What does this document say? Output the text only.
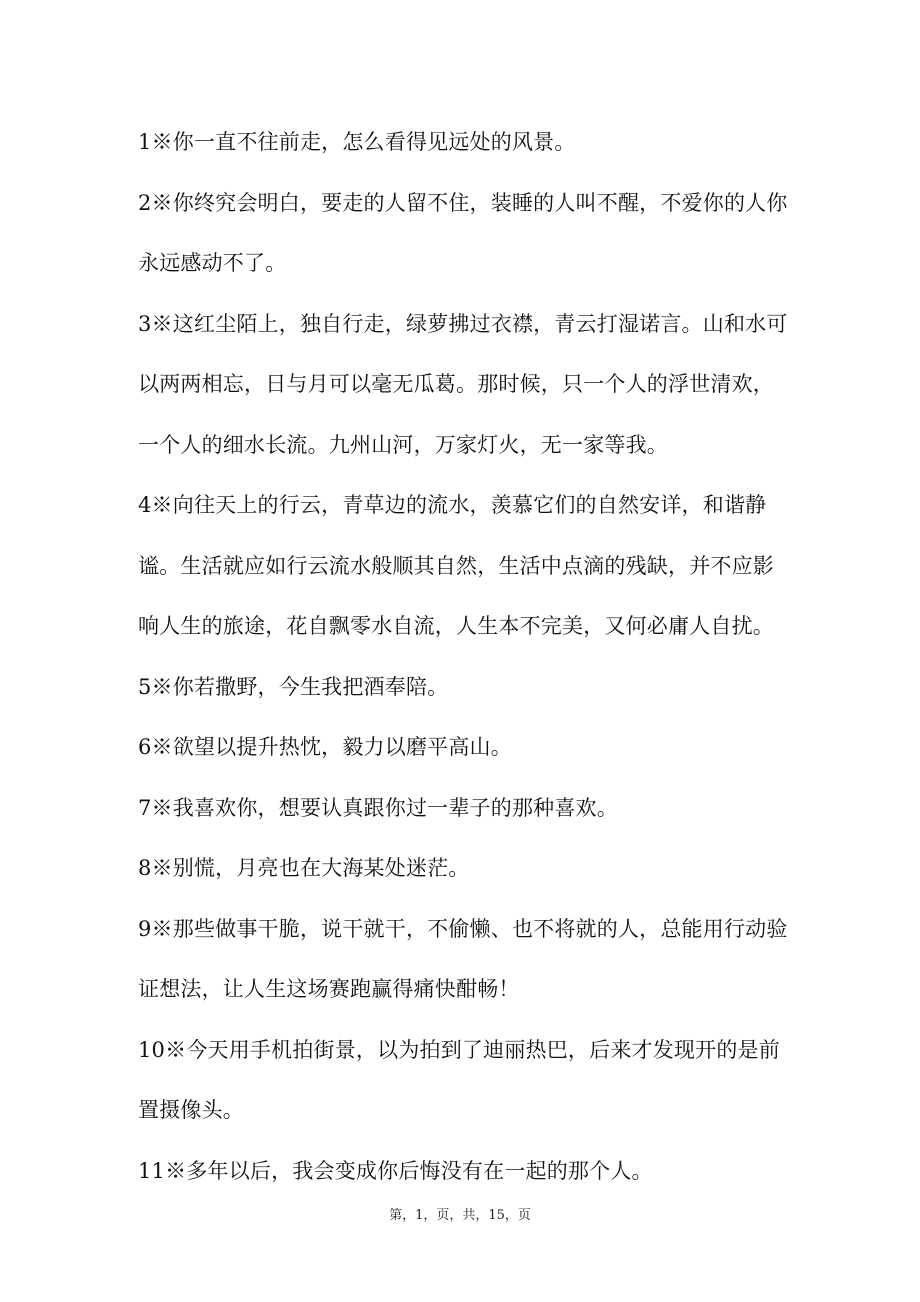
1※你一直不往前走，怎么看得见远处的风景。

2※你终究会明白，要走的人留不住，装睡的人叫不醒，不爱你的人你永远感动不了。

3※这红尘陌上，独自行走，绿萝拂过衣襟，青云打湿诺言。山和水可以两两相忘，日与月可以毫无瓜葛。那时候，只一个人的浮世清欢，一个人的细水长流。九州山河，万家灯火，无一家等我。

4※向往天上的行云，青草边的流水，羡慕它们的自然安详，和谐静谧。生活就应如行云流水般顺其自然，生活中点滴的残缺，并不应影响人生的旅途，花自飘零水自流，人生本不完美，又何必庸人自扰。

5※你若撒野，今生我把酒奉陪。

6※欲望以提升热忱，毅力以磨平高山。

7※我喜欢你，想要认真跟你过一辈子的那种喜欢。

8※别慌，月亮也在大海某处迷茫。

9※那些做事干脆，说干就干，不偷懒、也不将就的人，总能用行动验证想法，让人生这场赛跑赢得痛快酣畅！

10※今天用手机拍街景，以为拍到了迪丽热巴，后来才发现开的是前置摄像头。

11※多年以后，我会变成你后悔没有在一起的那个人。

第，1，页，共，15，页
